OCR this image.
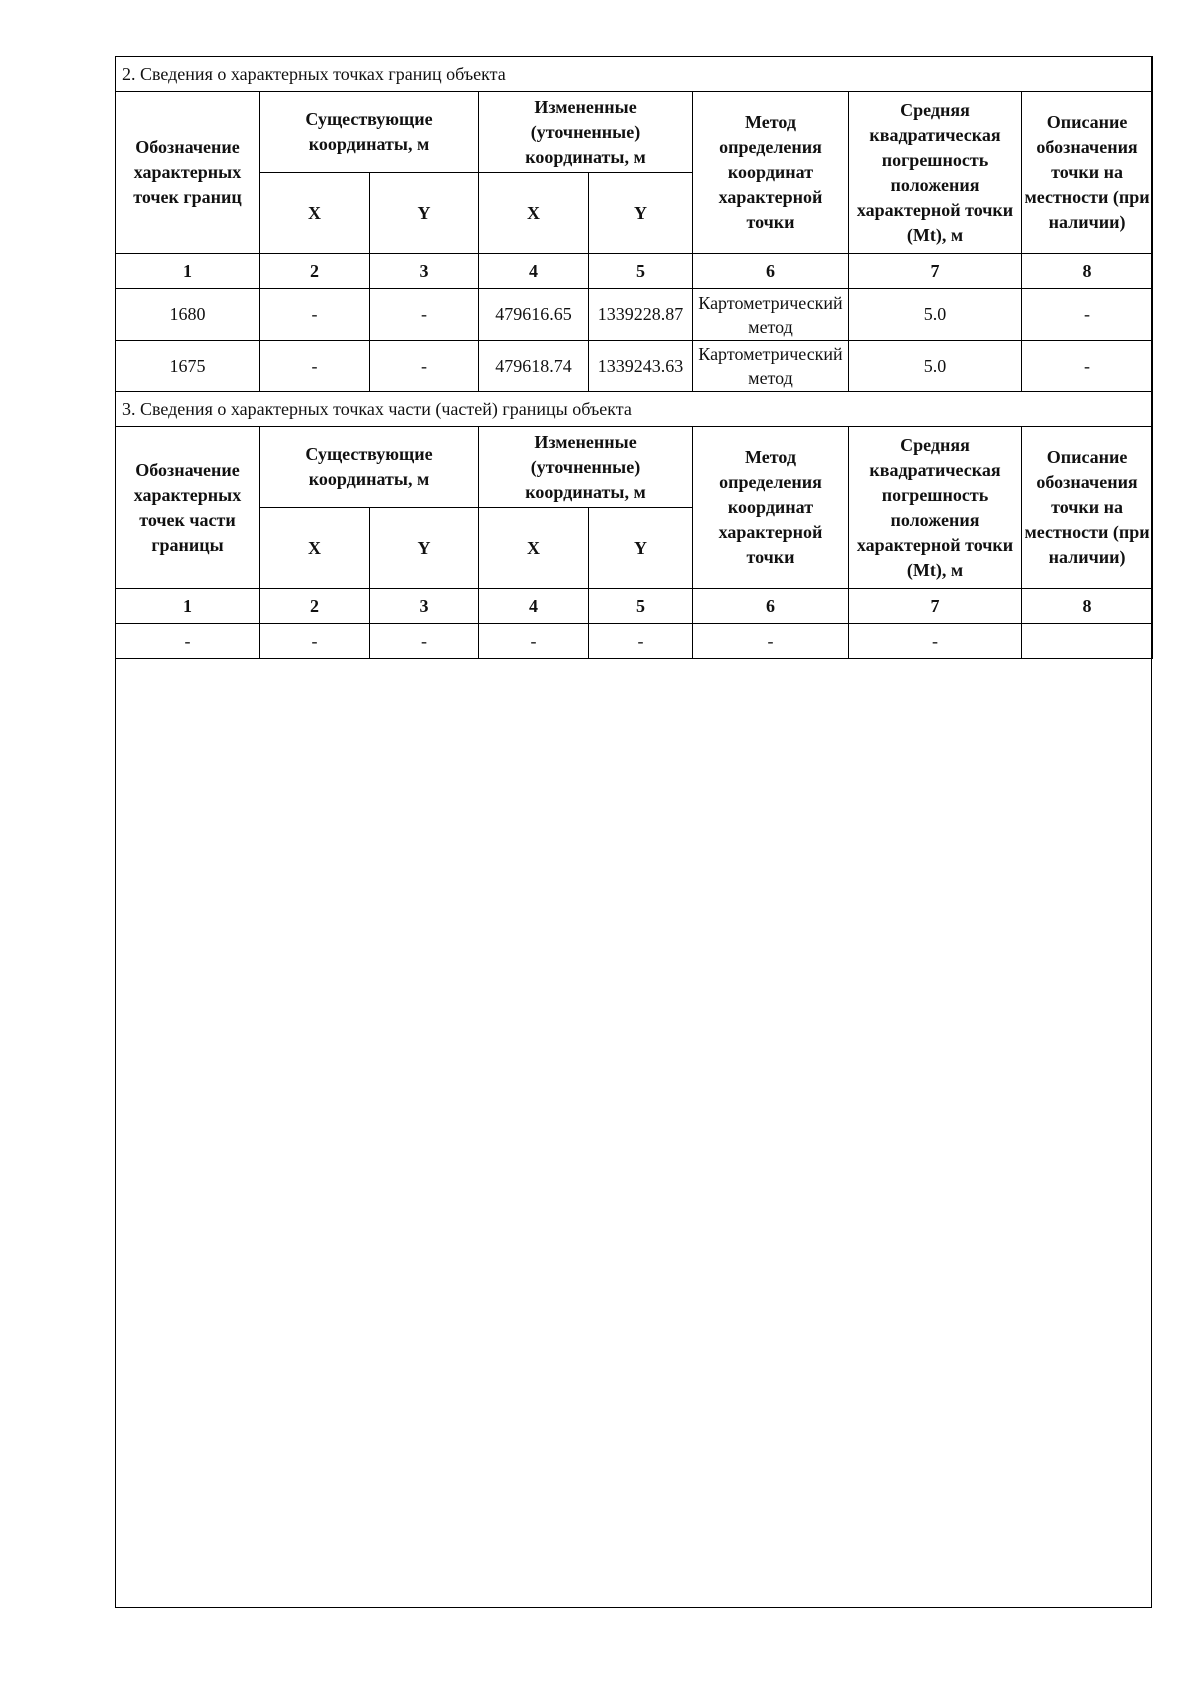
2. Сведения о характерных точках границ объекта							
Обозначение характерных точек границ	Существующие координаты, м		Измененные (уточненные) координаты, м		Метод определения координат характерной точки	Средняя квадратическая погрешность положения характерной точки (Mt), м	Описание обозначения точки на местности (при наличии)
	X	Y	X	Y			
1	2	3	4	5	6	7	8
1680	-	-	479616.65	1339228.87	Картометрический метод	5.0	-
1675	-	-	479618.74	1339243.63	Картометрический метод	5.0	-
3. Сведения о характерных точках части (частей) границы объекта							
Обозначение характерных точек части границы	Существующие координаты, м		Измененные (уточненные) координаты, м		Метод определения координат характерной точки	Средняя квадратическая погрешность положения характерной точки (Mt), м	Описание обозначения точки на местности (при наличии)
	X	Y	X	Y			
1	2	3	4	5	6	7	8
-	-	-	-	-	-	-	
